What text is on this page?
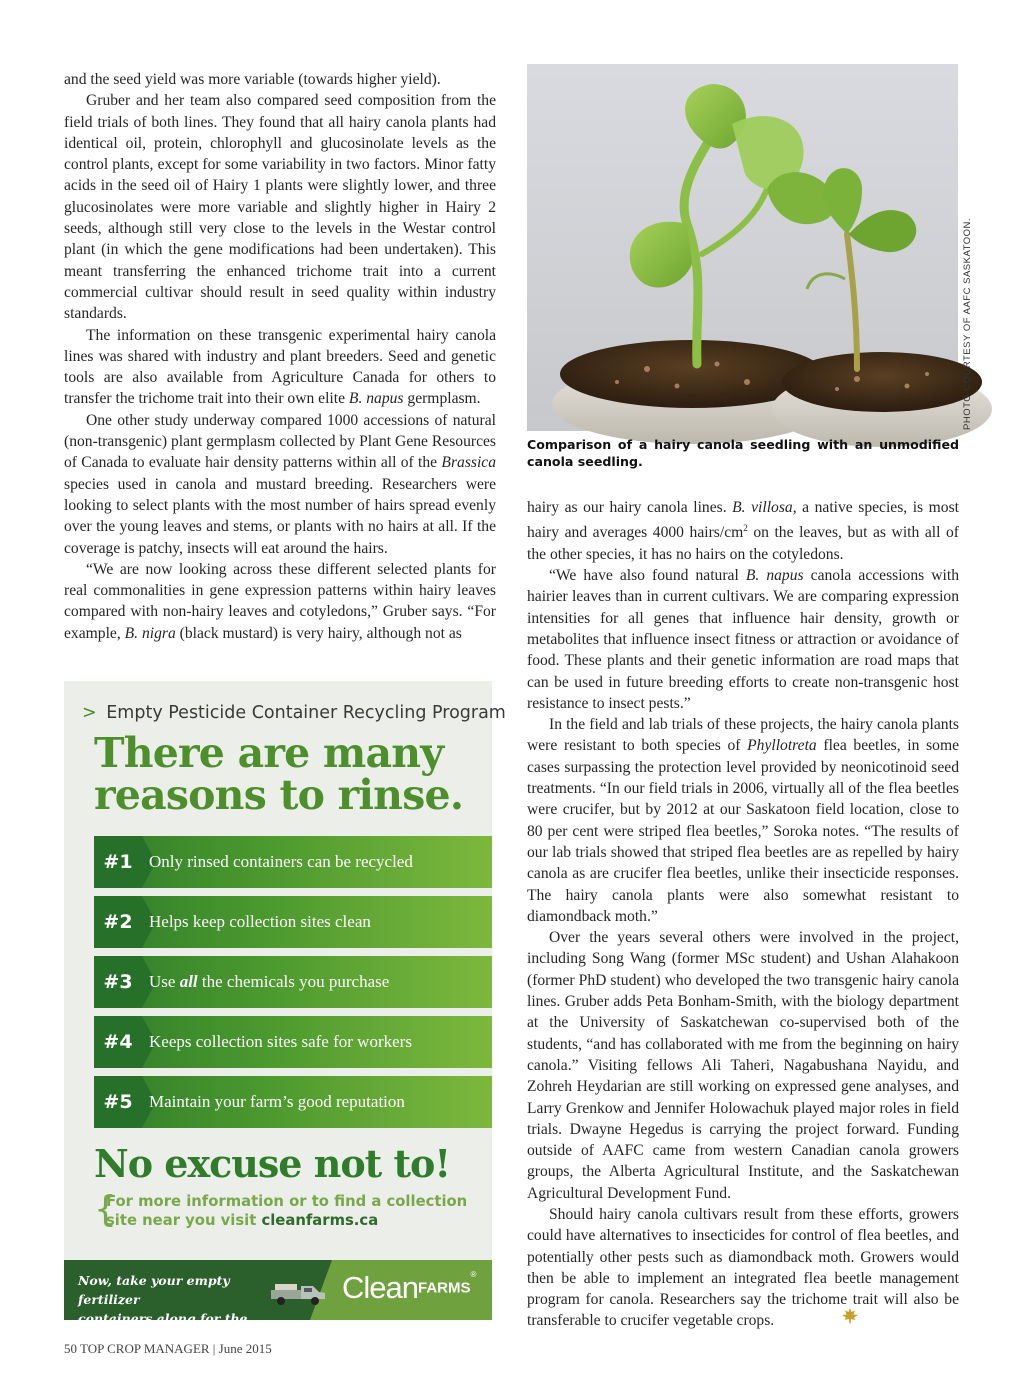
and the seed yield was more variable (towards higher yield).

Gruber and her team also compared seed composition from the field trials of both lines. They found that all hairy canola plants had identical oil, protein, chlorophyll and glucosinolate levels as the control plants, except for some variability in two factors. Minor fatty acids in the seed oil of Hairy 1 plants were slightly lower, and three glucosinolates were more variable and slightly higher in Hairy 2 seeds, although still very close to the levels in the Westar control plant (in which the gene modifications had been undertaken). This meant transferring the enhanced trichome trait into a current commercial cultivar should result in seed quality within industry standards.

The information on these transgenic experimental hairy canola lines was shared with industry and plant breeders. Seed and genetic tools are also available from Agriculture Canada for others to transfer the trichome trait into their own elite B. napus germplasm.

One other study underway compared 1000 accessions of natural (non-transgenic) plant germplasm collected by Plant Gene Resources of Canada to evaluate hair density patterns within all of the Brassica species used in canola and mustard breeding. Researchers were looking to select plants with the most number of hairs spread evenly over the young leaves and stems, or plants with no hairs at all. If the coverage is patchy, insects will eat around the hairs.

“We are now looking across these different selected plants for real commonalities in gene expression patterns within hairy leaves compared with non-hairy leaves and cotyledons,” Gruber says. “For example, B. nigra (black mustard) is very hairy, although not as

PHOTO COURTESY OF AAFC SASKATOON.
Comparison of a hairy canola seedling with an unmodified canola seedling.

hairy as our hairy canola lines. B. villosa, a native species, is most hairy and averages 4000 hairs/$cm^2$ on the leaves, but as with all of the other species, it has no hairs on the cotyledons.

“We have also found natural B. napus canola accessions with hairier leaves than in current cultivars. We are comparing expression intensities for all genes that influence hair density, growth or metabolites that influence insect fitness or attraction or avoidance of food. These plants and their genetic information are road maps that can be used in future breeding efforts to create non-transgenic host resistance to insect pests.”

In the field and lab trials of these projects, the hairy canola plants were resistant to both species of Phyllotreta flea beetles, in some cases surpassing the protection level provided by neonicotinoid seed treatments. “In our field trials in 2006, virtually all of the flea beetles were crucifer, but by 2012 at our Saskatoon field location, close to 80 per cent were striped flea beetles,” Soroka notes. “The results of our lab trials showed that striped flea beetles are as repelled by hairy canola as are crucifer flea beetles, unlike their insecticide responses. The hairy canola plants were also somewhat resistant to diamondback moth.”

Over the years several others were involved in the project, including Song Wang (former MSc student) and Ushan Alahakoon (former PhD student) who developed the two transgenic hairy canola lines. Gruber adds Peta Bonham-Smith, with the biology department at the University of Saskatchewan co-supervised both of the students, “and has collaborated with me from the beginning on hairy canola.” Visiting fellows Ali Taheri, Nagabushana Nayidu, and Zohreh Heydarian are still working on expressed gene analyses, and Larry Grenkow and Jennifer Holowachuk played major roles in field trials. Dwayne Hegedus is carrying the project forward. Funding outside of AAFC came from western Canadian canola growers groups, the Alberta Agricultural Institute, and the Saskatchewan Agricultural Development Fund.

Should hairy canola cultivars result from these efforts, growers could have alternatives to insecticides for control of flea beetles, and potentially other pests such as diamondback moth. Growers would then be able to implement an integrated flea beetle management program for canola. Researchers say the trichome trait will also be transferable to crucifer vegetable crops.

> Empty Pesticide Container Recycling Program
There are many
reasons to rinse.
#1 Only rinsed containers can be recycled
#2 Helps keep collection sites clean
#3 Use all the chemicals you purchase
#4 Keeps collection sites safe for workers
#5 Maintain your farm’s good reputation
No excuse not to!
{
For more information or to find a collection
site near you visit cleanfarms.ca
Now, take your empty fertilizer
containers along for the ride!
CleanFARMS®
50 TOP CROP MANAGER | June 2015
